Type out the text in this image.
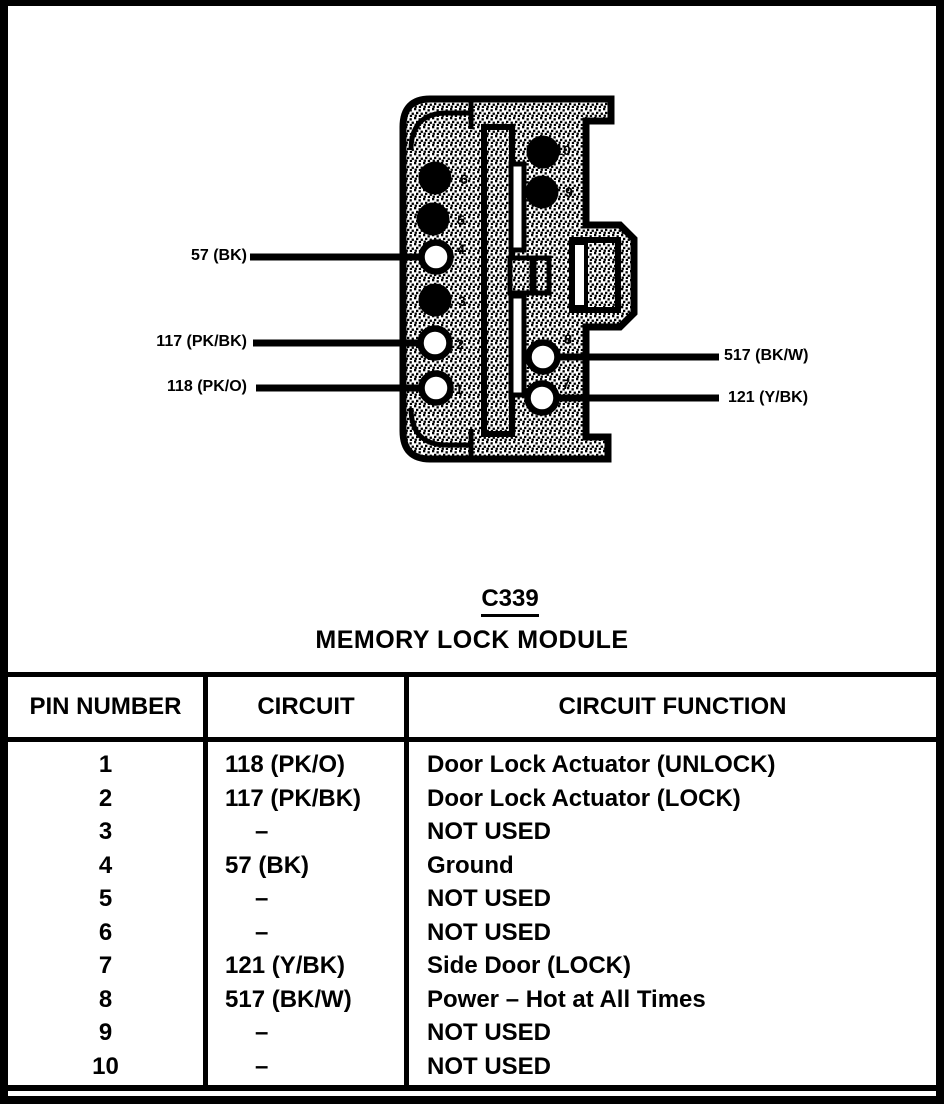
1
2
3
4
5
6
7
8
9
10
57 (BK)
117 (PK/BK)
118 (PK/O)
517 (BK/W)
121 (Y/BK)
C339
MEMORY LOCK MODULE
PIN NUMBER	CIRCUIT	CIRCUIT FUNCTION
1	118 (PK/O)	Door Lock Actuator (UNLOCK)
2	117 (PK/BK)	Door Lock Actuator (LOCK)
3	–	NOT USED
4	57 (BK)	Ground
5	–	NOT USED
6	–	NOT USED
7	121 (Y/BK)	Side Door (LOCK)
8	517 (BK/W)	Power – Hot at All Times
9	–	NOT USED
10	–	NOT USED
